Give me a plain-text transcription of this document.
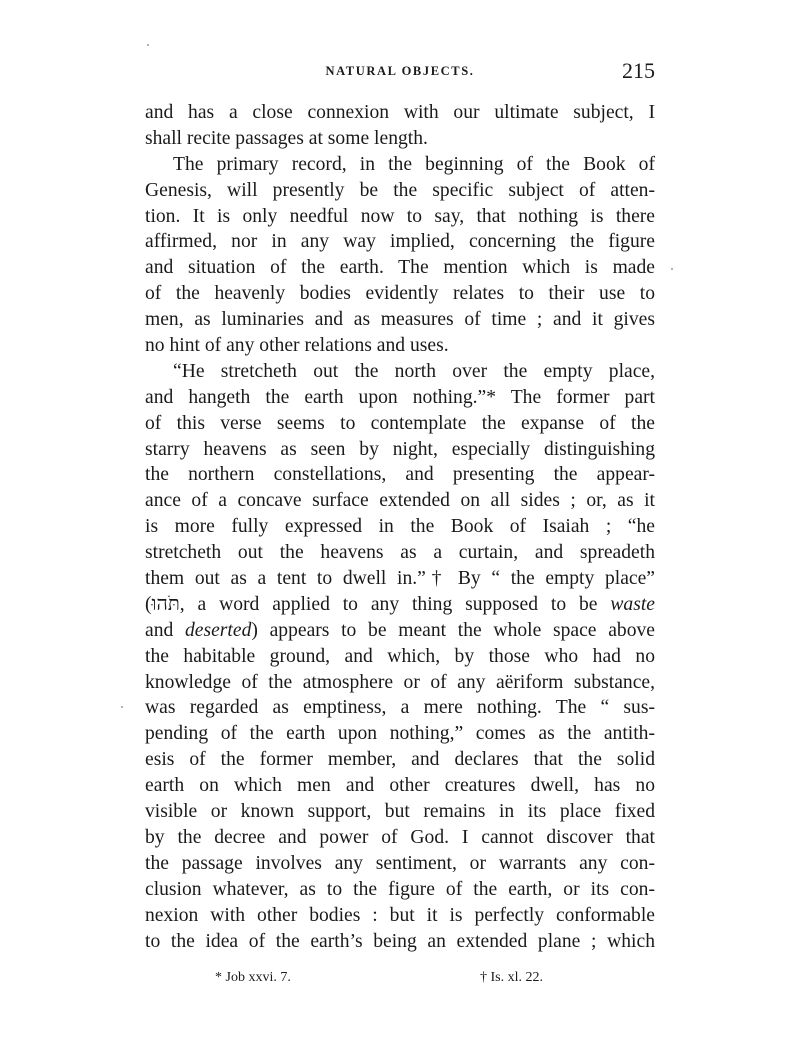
NATURAL OBJECTS.	215
and has a close connexion with our ultimate subject, I
shall recite passages at some length.
The primary record, in the beginning of the Book of
Genesis, will presently be the specific subject of atten-
tion. It is only needful now to say, that nothing is there
affirmed, nor in any way implied, concerning the figure
and situation of the earth. The mention which is made
of the heavenly bodies evidently relates to their use to
men, as luminaries and as measures of time ; and it gives
no hint of any other relations and uses.
“He stretcheth out the north over the empty place,
and hangeth the earth upon nothing.”* The former part
of this verse seems to contemplate the expanse of the
starry heavens as seen by night, especially distinguishing
the northern constellations, and presenting the appear-
ance of a concave surface extended on all sides ; or, as it
is more fully expressed in the Book of Isaiah ; “he
stretcheth out the heavens as a curtain, and spreadeth
them out as a tent to dwell in.”† By “ the empty place”
(תֹּהוּ, a word applied to any thing supposed to be waste
and deserted) appears to be meant the whole space above
the habitable ground, and which, by those who had no
knowledge of the atmosphere or of any aëriform substance,
was regarded as emptiness, a mere nothing. The “ sus-
pending of the earth upon nothing,” comes as the antith-
esis of the former member, and declares that the solid
earth on which men and other creatures dwell, has no
visible or known support, but remains in its place fixed
by the decree and power of God. I cannot discover that
the passage involves any sentiment, or warrants any con-
clusion whatever, as to the figure of the earth, or its con-
nexion with other bodies : but it is perfectly conformable
to the idea of the earth’s being an extended plane ; which
* Job xxvi. 7.	† Is. xl. 22.
